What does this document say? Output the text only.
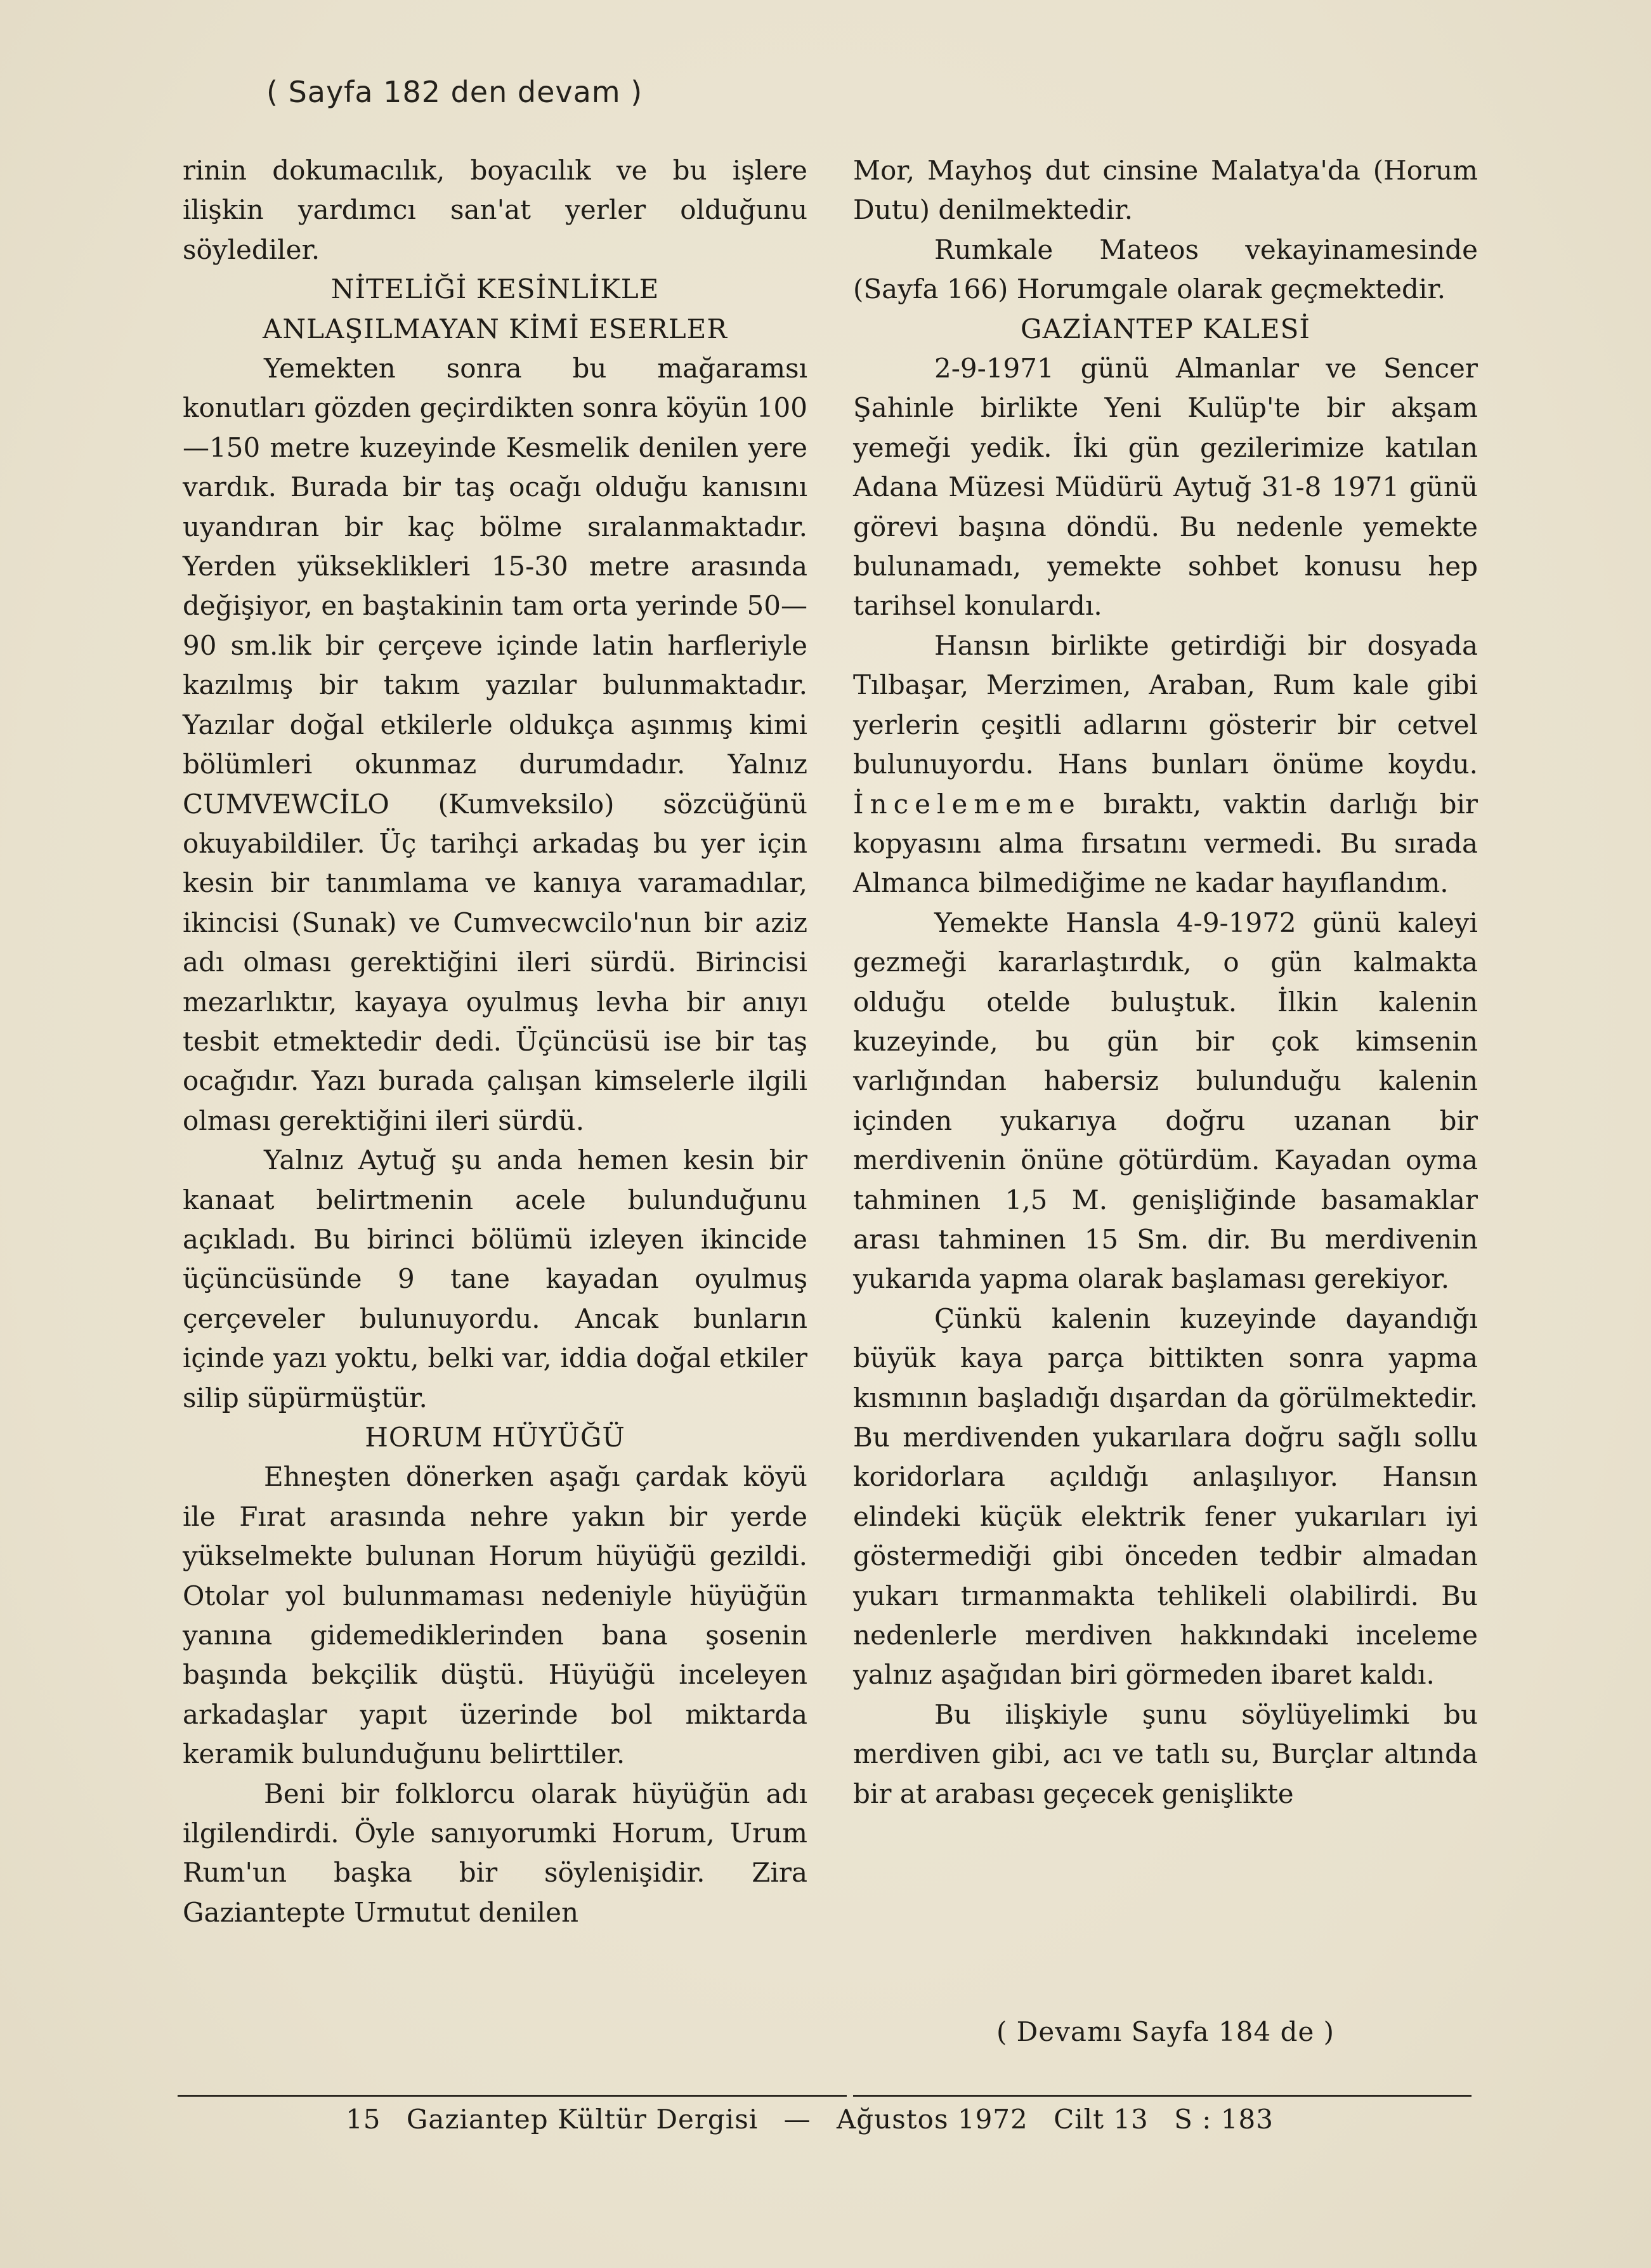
( Sayfa 182 den devam )

rinin dokumacılık, boyacılık ve bu işlere ilişkin yardımcı san'at yerler olduğunu söylediler.

NİTELİĞİ KESİNLİKLE
ANLAŞILMAYAN KİMİ ESERLER

Yemekten sonra bu mağaramsı konutları gözden geçirdikten sonra köyün 100—150 metre kuzeyinde Kesmelik denilen yere vardık. Burada bir taş ocağı olduğu kanısını uyandıran bir kaç bölme sıralanmaktadır. Yerden yükseklikleri 15-30 metre arasında değişiyor, en baştakinin tam orta yerinde 50—90 sm.lik bir çerçeve içinde latin harfleriyle kazılmış bir takım yazılar bulunmaktadır. Yazılar doğal etkilerle oldukça aşınmış kimi bölümleri okunmaz durumdadır. Yalnız CUMVEWCİLO (Kumveksilo) sözcüğünü okuyabildiler. Üç tarihçi arkadaş bu yer için kesin bir tanımlama ve kanıya varamadılar, ikincisi (Sunak) ve Cumvecwcilo'nun bir aziz adı olması gerektiğini ileri sürdü. Birincisi mezarlıktır, kayaya oyulmuş levha bir anıyı tesbit etmektedir dedi. Üçüncüsü ise bir taş ocağıdır. Yazı burada çalışan kimselerle ilgili olması gerektiğini ileri sürdü.

Yalnız Aytuğ şu anda hemen kesin bir kanaat belirtmenin acele bulunduğunu açıkladı. Bu birinci bölümü izleyen ikincide üçüncüsünde 9 tane kayadan oyulmuş çerçeveler bulunuyordu. Ancak bunların içinde yazı yoktu, belki var, iddia doğal etkiler silip süpürmüştür.

HORUM HÜYÜĞÜ

Ehneşten dönerken aşağı çardak köyü ile Fırat arasında nehre yakın bir yerde yükselmekte bulunan Horum hüyüğü gezildi. Otolar yol bulunmaması nedeniyle hüyüğün yanına gidemediklerinden bana şosenin başında bekçilik düştü. Hüyüğü inceleyen arkadaşlar yapıt üzerinde bol miktarda keramik bulunduğunu belirttiler.

Beni bir folklorcu olarak hüyüğün adı ilgilendirdi. Öyle sanıyorumki Horum, Urum Rum'un başka bir söylenişidir. Zira Gaziantepte Urmutut denilen

Mor, Mayhoş dut cinsine Malatya'da (Horum Dutu) denilmektedir.

Rumkale Mateos vekayinamesinde (Sayfa 166) Horumgale olarak geçmektedir.

GAZİANTEP KALESİ

2-9-1971 günü Almanlar ve Sencer Şahinle birlikte Yeni Kulüp'te bir akşam yemeği yedik. İki gün gezilerimize katılan Adana Müzesi Müdürü Aytuğ 31-8 1971 günü görevi başına döndü. Bu nedenle yemekte bulunamadı, yemekte sohbet konusu hep tarihsel konulardı.

Hansın birlikte getirdiği bir dosyada Tılbaşar, Merzimen, Araban, Rum kale gibi yerlerin çeşitli adlarını gösterir bir cetvel bulunuyordu. Hans bunları önüme koydu. İncelememe bıraktı, vaktin darlığı bir kopyasını alma fırsatını vermedi. Bu sırada Almanca bilmediğime ne kadar hayıflandım.

Yemekte Hansla 4-9-1972 günü kaleyi gezmeği kararlaştırdık, o gün kalmakta olduğu otelde buluştuk. İlkin kalenin kuzeyinde, bu gün bir çok kimsenin varlığından habersiz bulunduğu kalenin içinden yukarıya doğru uzanan bir merdivenin önüne götürdüm. Kayadan oyma tahminen 1,5 M. genişliğinde basamaklar arası tahminen 15 Sm. dir. Bu merdivenin yukarıda yapma olarak başlaması gerekiyor.

Çünkü kalenin kuzeyinde dayandığı büyük kaya parça bittikten sonra yapma kısmının başladığı dışardan da görülmektedir. Bu merdivenden yukarılara doğru sağlı sollu koridorlara açıldığı anlaşılıyor. Hansın elindeki küçük elektrik fener yukarıları iyi göstermediği gibi önceden tedbir almadan yukarı tırmanmakta tehlikeli olabilirdi. Bu nedenlerle merdiven hakkındaki inceleme yalnız aşağıdan biri görmeden ibaret kaldı.

Bu ilişkiyle şunu söylüyelimki bu merdiven gibi, acı ve tatlı su, Burçlar altında bir at arabası geçecek genişlikte

( Devamı Sayfa 184 de )
15 Gaziantep Kültür Dergisi — Ağustos 1972 Cilt 13 S : 183
